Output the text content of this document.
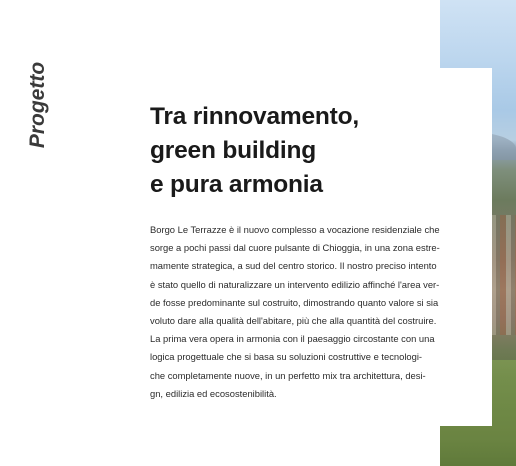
Progetto	Tra rinnovamento,
green building
e pura armonia

Borgo Le Terrazze è il nuovo complesso a vocazione residenziale che
sorge a pochi passi dal cuore pulsante di Chioggia, in una zona estre-
mamente strategica, a sud del centro storico. Il nostro preciso intento
è stato quello di naturalizzare un intervento edilizio affinché l'area ver-
de fosse predominante sul costruito, dimostrando quanto valore si sia
voluto dare alla qualità dell'abitare, più che alla quantità del costruire.
La prima vera opera in armonia con il paesaggio circostante con una
logica progettuale che si basa su soluzioni costruttive e tecnologi-
che completamente nuove, in un perfetto mix tra architettura, desi-
gn, edilizia ed ecosostenibilità.
